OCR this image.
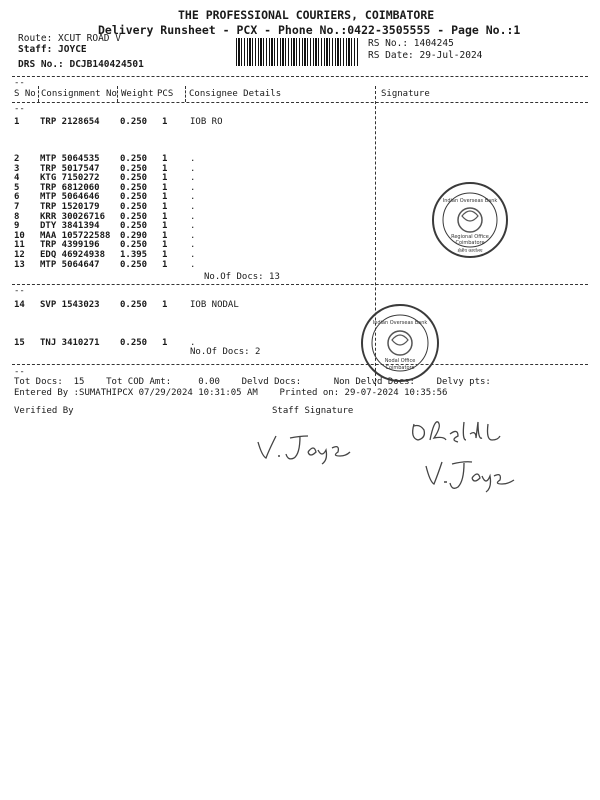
THE PROFESSIONAL COURIERS, COIMBATORE
Delivery Runsheet - PCX - Phone No.:0422-3505555 - Page No.:1
Route: XCUT ROAD V
Staff: JOYCE
DRS No.: DCJB140424501
RS No.: 1404245
RS Date: 29-Jul-2024
--
S No Consignment No Weight PCS Consignee Details	Signature
--
1 TRP 2128654 0.250 1	IOB RO
2 MTP 5064535 0.250 1	.
3 TRP 5017547 0.250 1	.
4 KTG 7150272 0.250 1	.
5 TRP 6812060 0.250 1	.
6 MTP 5064646 0.250 1	.
7 TRP 1520179 0.250 1	.
8 KRR 30026716 0.250 1	.
9 DTY 3841394 0.250 1	.
10 MAA 105722588 0.290 1	.
11 TRP 4399196 0.250 1	.
12 EDQ 46924938 1.395 1	.
13 MTP 5064647 0.250 1	.
No.Of Docs: 13
--
14 SVP 1543023 0.250 1	IOB NODAL
15 TNJ 3410271 0.250 1	.
No.Of Docs: 2
--
Tot Docs:  15    Tot COD Amt:     0.00    Delvd Docs:      Non Delvd Docs:    Delvy pts:
Entered By :SUMATHIPCX 07/29/2024 10:31:05 AM    Printed on: 29-07-2024 10:35:56
Verified By	Staff Signature
Indian Overseas Bank
Regional Office
Coimbatore
क्षेत्रीय कार्यालय
Indian Overseas Bank
Nodal Office
Coimbatore
